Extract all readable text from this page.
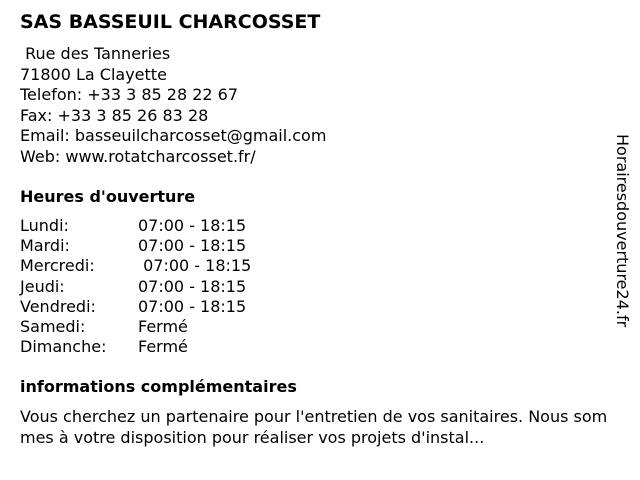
SAS BASSEUIL CHARCOSSET
Rue des Tanneries
71800 La Clayette
Telefon: +33 3 85 28 22 67
Fax: +33 3 85 26 83 28
Email: basseuilcharcosset@gmail.com
Web: www.rotatcharcosset.fr/
Heures d'ouverture
Lundi:	07:00 - 18:15
Mardi:	07:00 - 18:15
Mercredi:	07:00 - 18:15
Jeudi:	07:00 - 18:15
Vendredi:	07:00 - 18:15
Samedi:	Fermé
Dimanche:	Fermé
informations complémentaires
Vous cherchez un partenaire pour l'entretien de vos sanitaires. Nous sommes à votre disposition pour réaliser vos projets d'instal...
Horairesdouverture24.fr
